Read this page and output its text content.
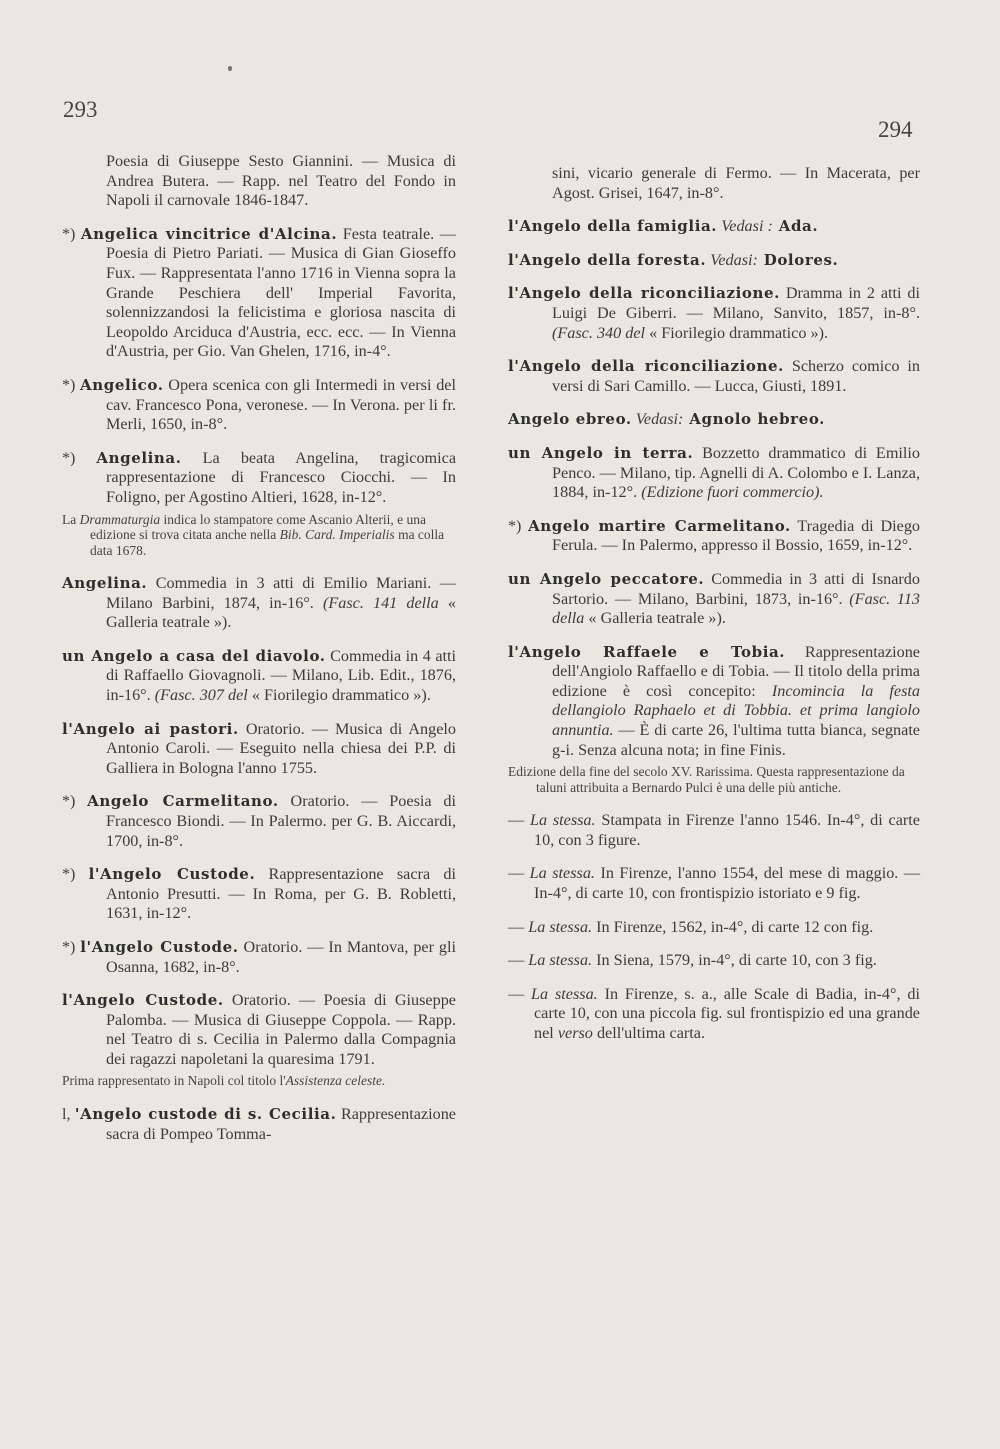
293
294
Poesia di Giuseppe Sesto Giannini. — Musica di Andrea Butera. — Rapp. nel Teatro del Fondo in Napoli il carnovale 1846-1847.
*) Angelica vincitrice d'Alcina. Festa teatrale. — Poesia di Pietro Pariati. — Musica di Gian Gioseffo Fux. — Rappresentata l'anno 1716 in Vienna sopra la Grande Peschiera dell' Imperial Favorita, solennizzandosi la felicistima e gloriosa nascita di Leopoldo Arciduca d'Austria, ecc. ecc. — In Vienna d'Austria, per Gio. Van Ghelen, 1716, in-4°.
*) Angelico. Opera scenica con gli Intermedi in versi del cav. Francesco Pona, veronese. — In Verona. per li fr. Merli, 1650, in-8°.
*) Angelina. La beata Angelina, tragicomica rappresentazione di Francesco Ciocchi. — In Foligno, per Agostino Altieri, 1628, in-12°.
La Drammaturgia indica lo stampatore come Ascanio Alterii, e una edizione si trova citata anche nella Bib. Card. Imperialis ma colla data 1678.
Angelina. Commedia in 3 atti di Emilio Mariani. — Milano Barbini, 1874, in-16°. (Fasc. 141 della « Galleria teatrale »).
un Angelo a casa del diavolo. Commedia in 4 atti di Raffaello Giovagnoli. — Milano, Lib. Edit., 1876, in-16°. (Fasc. 307 del « Fiorilegio drammatico »).
l'Angelo ai pastori. Oratorio. — Musica di Angelo Antonio Caroli. — Eseguito nella chiesa dei P.P. di Galliera in Bologna l'anno 1755.
*) Angelo Carmelitano. Oratorio. — Poesia di Francesco Biondi. — In Palermo. per G. B. Aiccardi, 1700, in-8°.
*) l'Angelo Custode. Rappresentazione sacra di Antonio Presutti. — In Roma, per G. B. Robletti, 1631, in-12°.
*) l'Angelo Custode. Oratorio. — In Mantova, per gli Osanna, 1682, in-8°.
l'Angelo Custode. Oratorio. — Poesia di Giuseppe Palomba. — Musica di Giuseppe Coppola. — Rapp. nel Teatro di s. Cecilia in Palermo dalla Compagnia dei ragazzi napoletani la quaresima 1791.
Prima rappresentato in Napoli col titolo l'Assistenza celeste.
l, 'Angelo custode di s. Cecilia. Rappresentazione sacra di Pompeo Tomma-
sini, vicario generale di Fermo. — In Macerata, per Agost. Grisei, 1647, in-8°.
l'Angelo della famiglia. Vedasi : Ada.
l'Angelo della foresta. Vedasi: Dolores.
l'Angelo della riconciliazione. Dramma in 2 atti di Luigi De Giberri. — Milano, Sanvito, 1857, in-8°. (Fasc. 340 del « Fiorilegio drammatico »).
l'Angelo della riconciliazione. Scherzo comico in versi di Sari Camillo. — Lucca, Giusti, 1891.
Angelo ebreo. Vedasi: Agnolo hebreo.
un Angelo in terra. Bozzetto drammatico di Emilio Penco. — Milano, tip. Agnelli di A. Colombo e I. Lanza, 1884, in-12°. (Edizione fuori commercio).
*) Angelo martire Carmelitano. Tragedia di Diego Ferula. — In Palermo, appresso il Bossio, 1659, in-12°.
un Angelo peccatore. Commedia in 3 atti di Isnardo Sartorio. — Milano, Barbini, 1873, in-16°. (Fasc. 113 della « Galleria teatrale »).
l'Angelo Raffaele e Tobia. Rappresentazione dell'Angiolo Raffaello e di Tobia. — Il titolo della prima edizione è così concepito: Incomincia la festa dellangiolo Raphaelo et di Tobbia. et prima langiolo annuntia. — È di carte 26, l'ultima tutta bianca, segnate g-i. Senza alcuna nota; in fine Finis.
Edizione della fine del secolo XV. Rarissima. Questa rappresentazione da taluni attribuita a Bernardo Pulci è una delle più antiche.
— La stessa. Stampata in Firenze l'anno 1546. In-4°, di carte 10, con 3 figure.
— La stessa. In Firenze, l'anno 1554, del mese di maggio. — In-4°, di carte 10, con frontispizio istoriato e 9 fig.
— La stessa. In Firenze, 1562, in-4°, di carte 12 con fig.
— La stessa. In Siena, 1579, in-4°, di carte 10, con 3 fig.
— La stessa. In Firenze, s. a., alle Scale di Badia, in-4°, di carte 10, con una piccola fig. sul frontispizio ed una grande nel verso dell'ultima carta.
